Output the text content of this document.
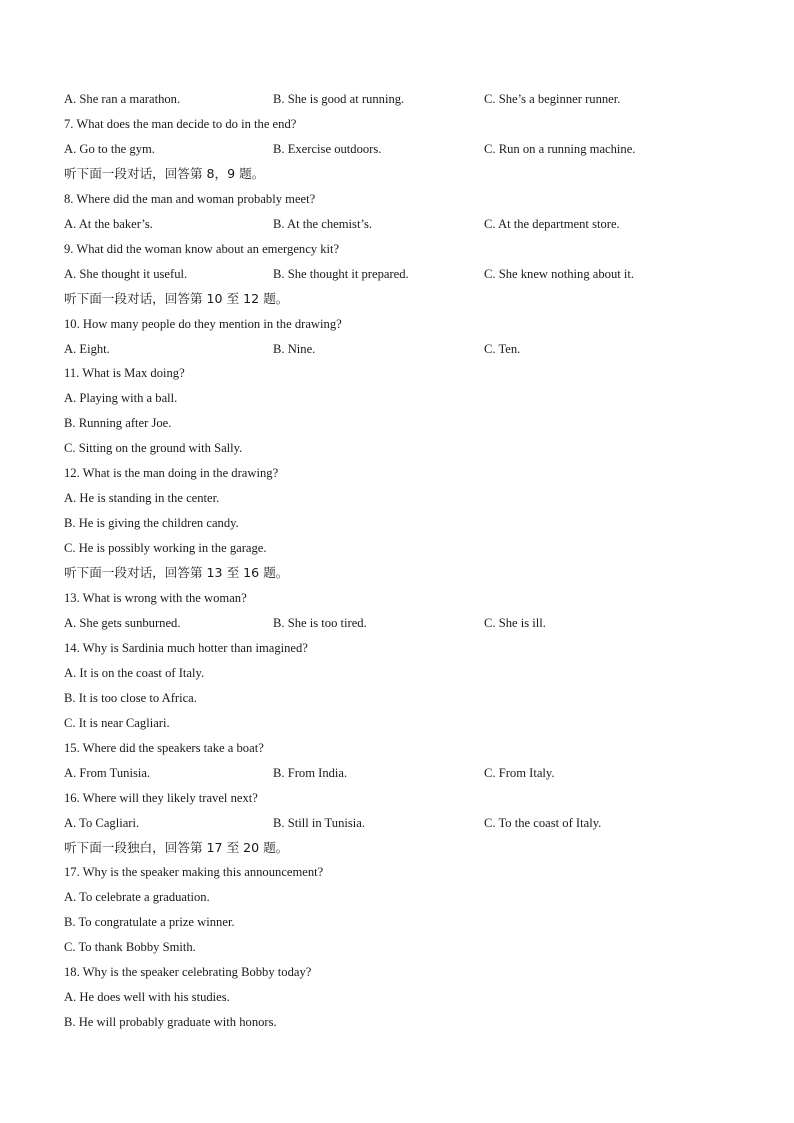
A. She ran a marathon.	B. She is good at running.	C. She’s a beginner runner.
7. What does the man decide to do in the end?
A. Go to the gym.	B. Exercise outdoors.	C. Run on a running machine.
听下面一段对话，回答第 8，9 题。
8. Where did the man and woman probably meet?
A. At the baker’s.	B. At the chemist’s.	C. At the department store.
9. What did the woman know about an emergency kit?
A. She thought it useful.	B. She thought it prepared.	C. She knew nothing about it.
听下面一段对话，回答第 10 至 12 题。
10. How many people do they mention in the drawing?
A. Eight.	B. Nine.	C. Ten.
11. What is Max doing?
A. Playing with a ball.
B. Running after Joe.
C. Sitting on the ground with Sally.
12. What is the man doing in the drawing?
A. He is standing in the center.
B. He is giving the children candy.
C. He is possibly working in the garage.
听下面一段对话，回答第 13 至 16 题。
13. What is wrong with the woman?
A. She gets sunburned.	B. She is too tired.	C. She is ill.
14. Why is Sardinia much hotter than imagined?
A. It is on the coast of Italy.
B. It is too close to Africa.
C. It is near Cagliari.
15. Where did the speakers take a boat?
A. From Tunisia.	B. From India.	C. From Italy.
16. Where will they likely travel next?
A. To Cagliari.	B. Still in Tunisia.	C. To the coast of Italy.
听下面一段独白，回答第 17 至 20 题。
17. Why is the speaker making this announcement?
A. To celebrate a graduation.
B. To congratulate a prize winner.
C. To thank Bobby Smith.
18. Why is the speaker celebrating Bobby today?
A. He does well with his studies.
B. He will probably graduate with honors.
